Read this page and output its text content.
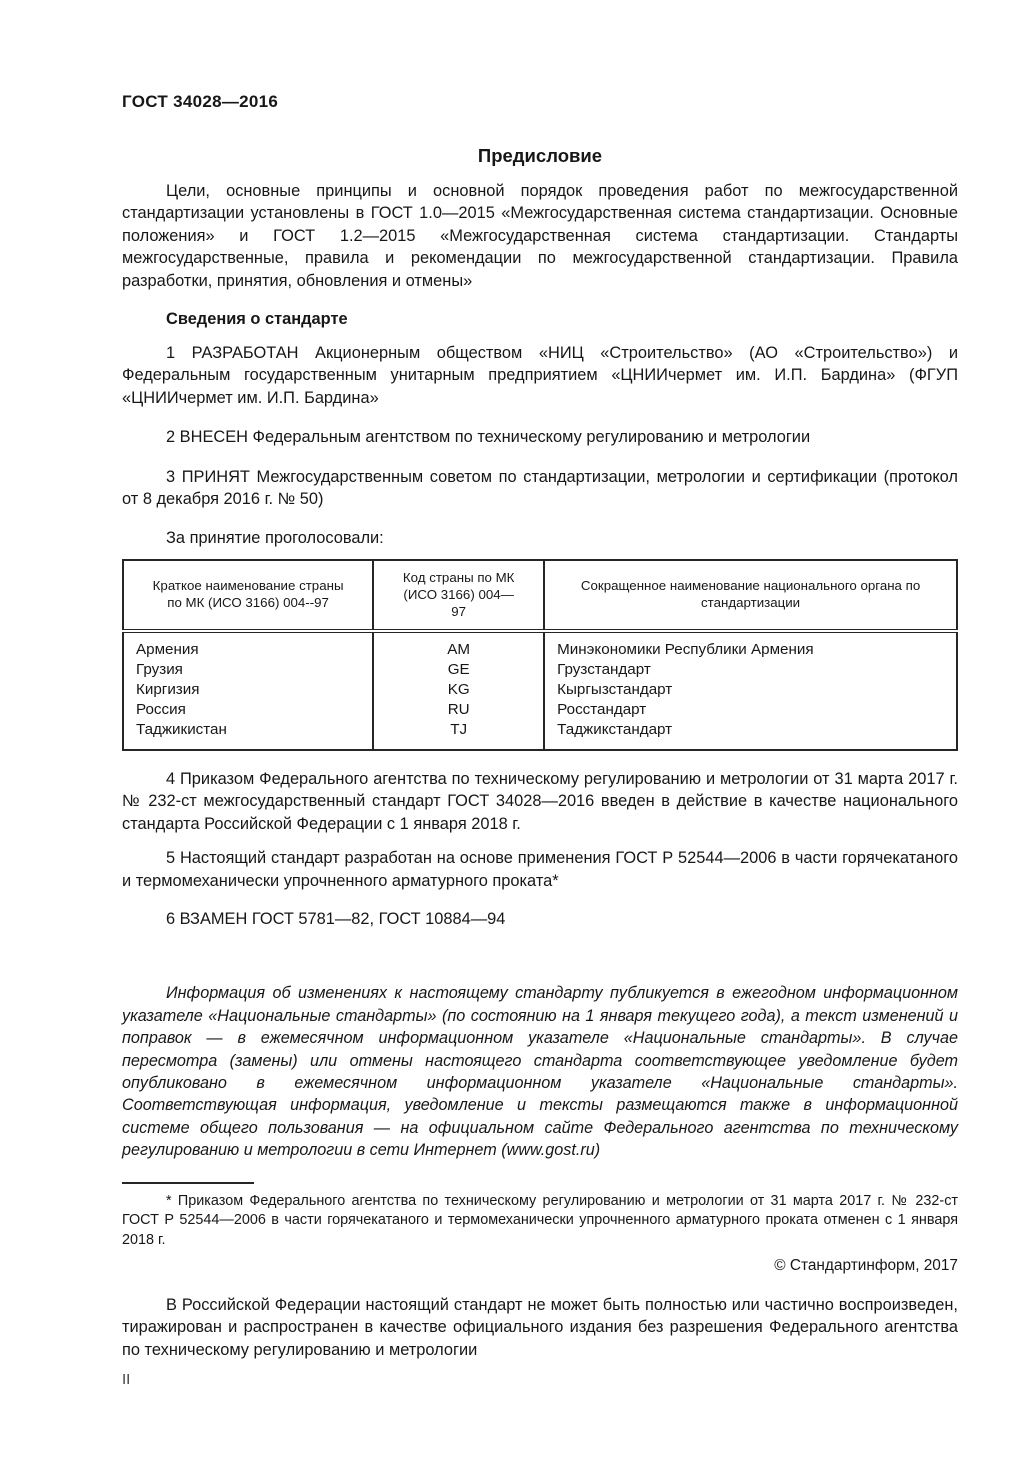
ГОСТ 34028—2016
Предисловие

Цели, основные принципы и основной порядок проведения работ по межгосударственной стандартизации установлены в ГОСТ 1.0—2015 «Межгосударственная система стандартизации. Основные положения» и ГОСТ 1.2—2015 «Межгосударственная система стандартизации. Стандарты межгосударственные, правила и рекомендации по межгосударственной стандартизации. Правила разработки, принятия, обновления и отмены»

Сведения о стандарте

1 РАЗРАБОТАН Акционерным обществом «НИЦ «Строительство» (АО «Строительство») и Федеральным государственным унитарным предприятием «ЦНИИчермет им. И.П. Бардина» (ФГУП «ЦНИИчермет им. И.П. Бардина»

2 ВНЕСЕН Федеральным агентством по техническому регулированию и метрологии

3 ПРИНЯТ Межгосударственным советом по стандартизации, метрологии и сертификации (протокол от 8 декабря 2016 г. № 50)

За принятие проголосовали:

Краткое наименование страны по МК (ИСО 3166) 004--97	Код страны по МК (ИСО 3166) 004—97	Сокращенное наименование национального органа по стандартизации
Армения	AM	Минэкономики Республики Армения
Грузия	GE	Грузстандарт
Киргизия	KG	Кыргызстандарт
Россия	RU	Росстандарт
Таджикистан	TJ	Таджикстандарт

4 Приказом Федерального агентства по техническому регулированию и метрологии от 31 марта 2017 г. № 232-ст межгосударственный стандарт ГОСТ 34028—2016 введен в действие в качестве национального стандарта Российской Федерации с 1 января 2018 г.

5 Настоящий стандарт разработан на основе применения ГОСТ Р 52544—2006 в части горячекатаного и термомеханически упрочненного арматурного проката*

6 ВЗАМЕН ГОСТ 5781—82, ГОСТ 10884—94

Информация об изменениях к настоящему стандарту публикуется в ежегодном информационном указателе «Национальные стандарты» (по состоянию на 1 января текущего года), а текст изменений и поправок — в ежемесячном информационном указателе «Национальные стандарты». В случае пересмотра (замены) или отмены настоящего стандарта соответствующее уведомление будет опубликовано в ежемесячном информационном указателе «Национальные стандарты». Соответствующая информация, уведомление и тексты размещаются также в информационной системе общего пользования — на официальном сайте Федерального агентства по техническому регулированию и метрологии в сети Интернет (www.gost.ru)

* Приказом Федерального агентства по техническому регулированию и метрологии от 31 марта 2017 г. № 232-ст ГОСТ Р 52544—2006 в части горячекатаного и термомеханически упрочненного арматурного проката отменен с 1 января 2018 г.

© Стандартинформ, 2017

В Российской Федерации настоящий стандарт не может быть полностью или частично воспроизведен, тиражирован и распространен в качестве официального издания без разрешения Федерального агентства по техническому регулированию и метрологии

II
